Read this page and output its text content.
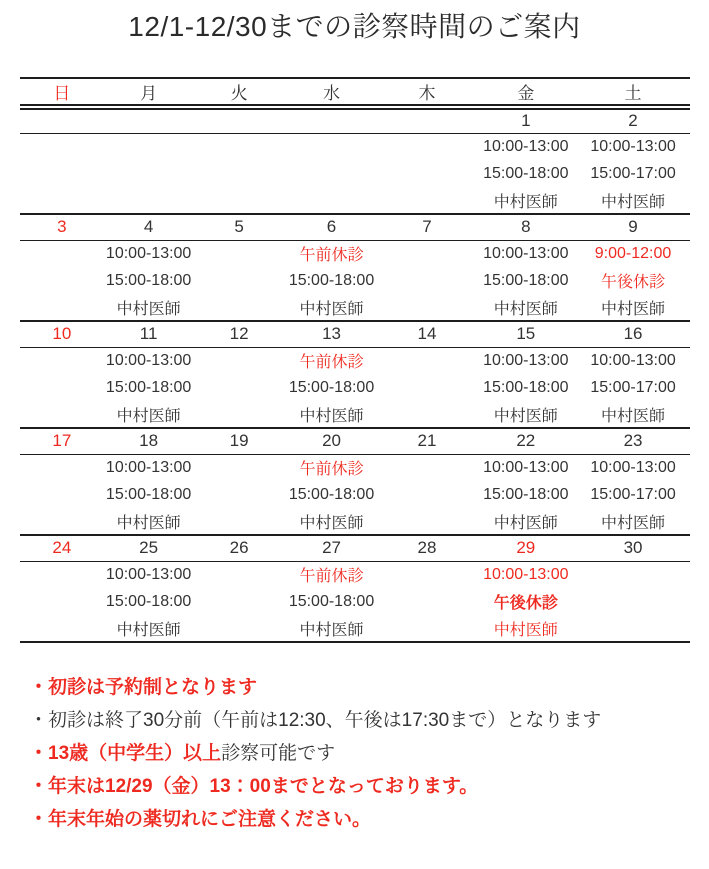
12/1-12/30までの診察時間のご案内
日	月	火	水	木	金	土
					1	2
					10:00-13:00	10:00-13:00
					15:00-18:00	15:00-17:00
					中村医師	中村医師
3	4	5	6	7	8	9
	10:00-13:00		午前休診		10:00-13:00	9:00-12:00
	15:00-18:00		15:00-18:00		15:00-18:00	午後休診
	中村医師		中村医師		中村医師	中村医師
10	11	12	13	14	15	16
	10:00-13:00		午前休診		10:00-13:00	10:00-13:00
	15:00-18:00		15:00-18:00		15:00-18:00	15:00-17:00
	中村医師		中村医師		中村医師	中村医師
17	18	19	20	21	22	23
	10:00-13:00		午前休診		10:00-13:00	10:00-13:00
	15:00-18:00		15:00-18:00		15:00-18:00	15:00-17:00
	中村医師		中村医師		中村医師	中村医師
24	25	26	27	28	29	30
	10:00-13:00		午前休診		10:00-13:00	
	15:00-18:00		15:00-18:00		午後休診	
	中村医師		中村医師		中村医師	
・初診は予約制となります
・初診は終了30分前（午前は12:30、午後は17:30まで）となります
・13歳（中学生）以上診察可能です
・年末は12/29（金）13：00までとなっております。
・年末年始の薬切れにご注意ください。
